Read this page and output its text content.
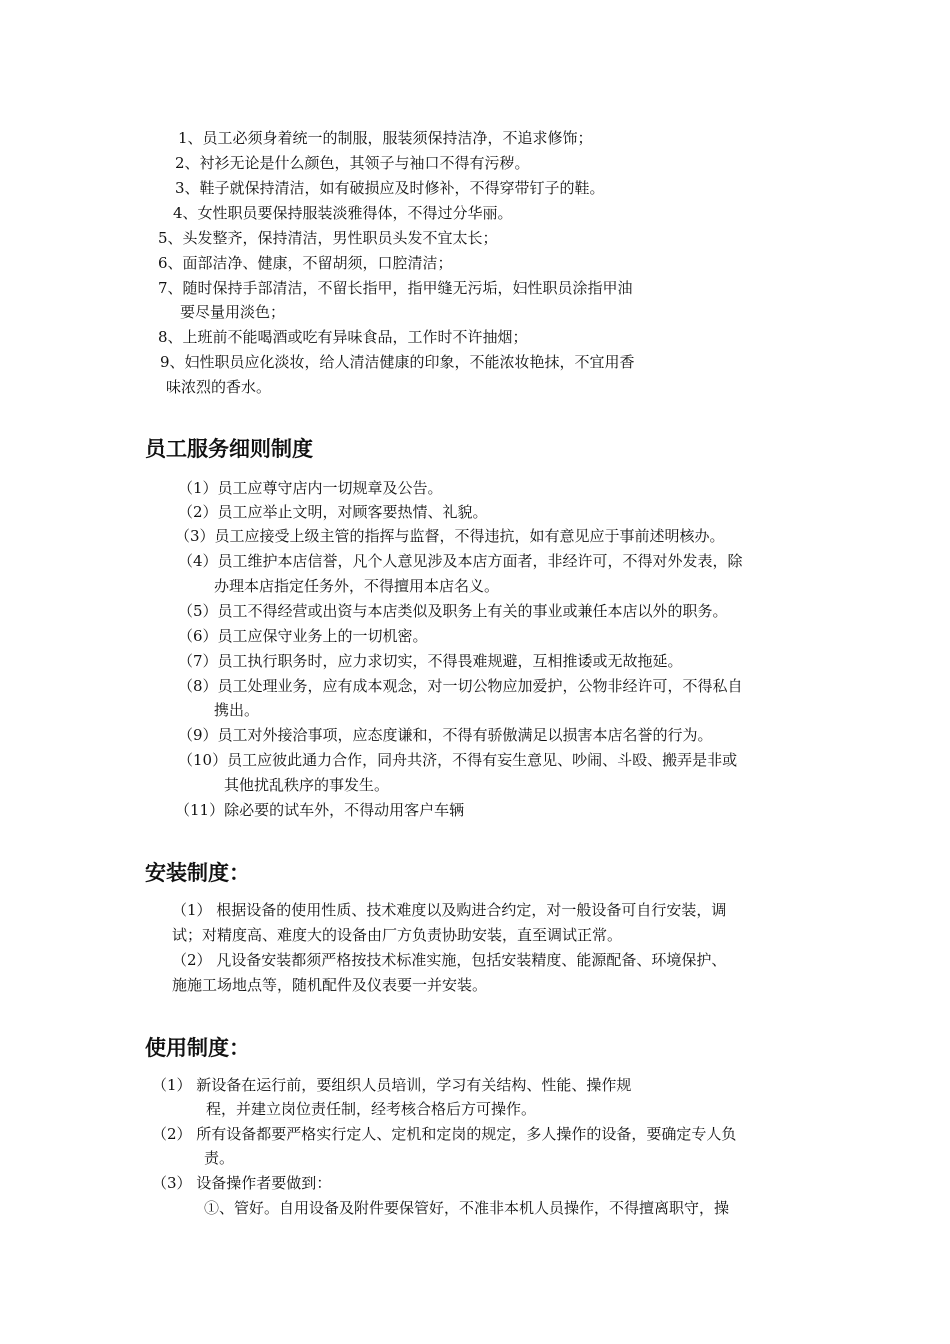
1、员工必须身着统一的制服，服装须保持洁净，不追求修饰；
2、衬衫无论是什么颜色，其领子与袖口不得有污秽。
3、鞋子就保持清洁，如有破损应及时修补，不得穿带钉子的鞋。
4、女性职员要保持服装淡雅得体，不得过分华丽。
5、头发整齐，保持清洁，男性职员头发不宜太长；
6、面部洁净、健康，不留胡须，口腔清洁；
7、随时保持手部清洁，不留长指甲，指甲缝无污垢，妇性职员涂指甲油
要尽量用淡色；
8、上班前不能喝酒或吃有异味食品，工作时不许抽烟；
9、妇性职员应化淡妆，给人清洁健康的印象，不能浓妆艳抹，不宜用香
味浓烈的香水。
员工服务细则制度
（1）员工应尊守店内一切规章及公告。
（2）员工应举止文明，对顾客要热情、礼貌。
（3）员工应接受上级主管的指挥与监督，不得违抗，如有意见应于事前述明核办。
（4）员工维护本店信誉，凡个人意见涉及本店方面者，非经许可，不得对外发表，除
办理本店指定任务外，不得擅用本店名义。
（5）员工不得经营或出资与本店类似及职务上有关的事业或兼任本店以外的职务。
（6）员工应保守业务上的一切机密。
（7）员工执行职务时，应力求切实，不得畏难规避，互相推诿或无故拖延。
（8）员工处理业务，应有成本观念，对一切公物应加爱护，公物非经许可，不得私自
携出。
（9）员工对外接洽事项，应态度谦和，不得有骄傲满足以损害本店名誉的行为。
（10）员工应彼此通力合作，同舟共济，不得有妄生意见、吵闹、斗殴、搬弄是非或
其他扰乱秩序的事发生。
（11）除必要的试车外，不得动用客户车辆
安装制度：
（1） 根据设备的使用性质、技术难度以及购进合约定，对一般设备可自行安装，调
试；对精度高、难度大的设备由厂方负责协助安装，直至调试正常。
（2） 凡设备安装都须严格按技术标准实施，包括安装精度、能源配备、环境保护、
施施工场地点等，随机配件及仪表要一并安装。
使用制度：
（1） 新设备在运行前，要组织人员培训，学习有关结构、性能、操作规
程，并建立岗位责任制，经考核合格后方可操作。
（2） 所有设备都要严格实行定人、定机和定岗的规定，多人操作的设备，要确定专人负
责。
（3） 设备操作者要做到：
①、管好。自用设备及附件要保管好，不准非本机人员操作，不得擅离职守，操
